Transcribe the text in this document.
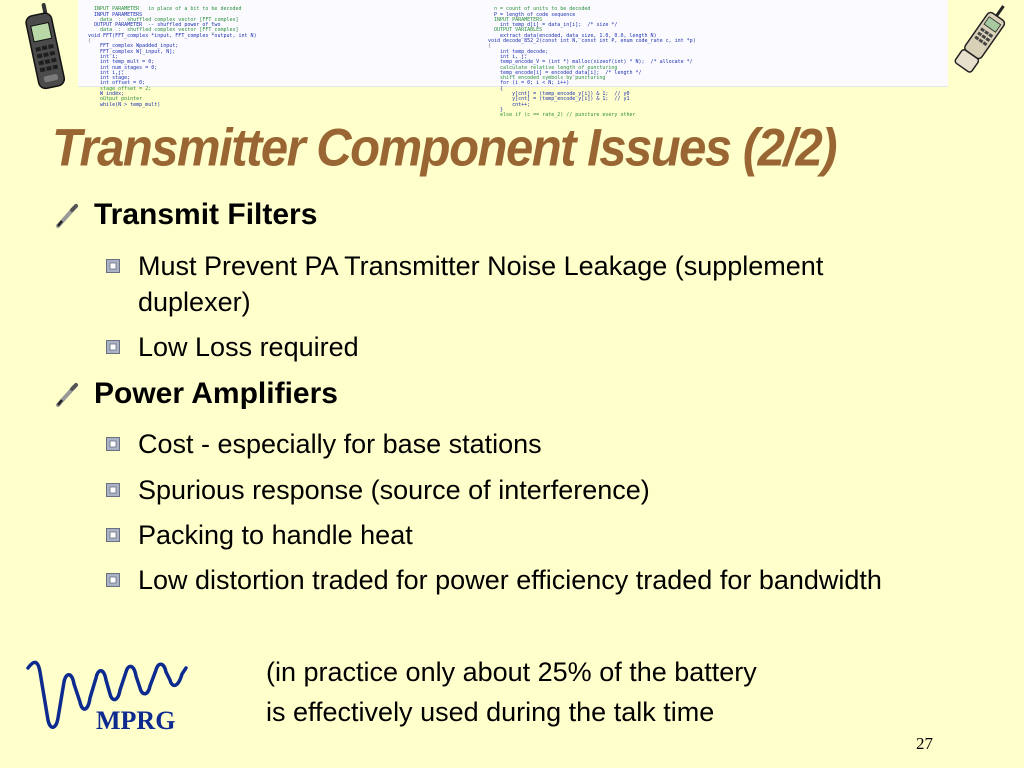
INPUT PARAMETER   in place of a bit to be decoded
INPUT PARAMETERS
data  :  shuffled complex vector [FFT_complex]
OUTPUT PARAMETER  -- shuffled power of two
data  :  shuffled complex vector [FFT_complex]
void FFT(FFT_complex *input, FFT_complex *output, int N)
{
FFT_complex Wpadded_input;
FFT_complex W[_input, N];
int i;
int temp_mult = 0;
int num_stages = 0;
int i,j;
int stage;
int offset = 0;
stage_offset = 2;
W_index;
output pointer
while(N > temp_mult)

n = count of units to be decoded
P = length of code sequence
INPUT PARAMETERS
int temp_d[i] = data_in[i];  /* size */
OUTPUT VARIABLES
extract_data(encoded, data_size, 1.0, 0.0, length N)
void decode_852_2(const int N, const int P, enum code_rate c, int *p)
{
int temp_decode;
int i, j;
temp_encode_V = (int *) malloc(sizeof(int) * N);  /* allocate */
calculate relative length of puncturing
temp_encode[i] = encoded_data[i];  /* length */
shift encoded symbols by puncturing
for (i = 0; i < N; i++)
{
y[cnt] = (temp_encode_y[i]) & 1;  // y0
y[cnt] = (temp_encode_y[i]) & 1;  // y1
cnt++;
}
else if (c == rate_2) // puncture every other

Transmitter Component Issues (2/2)
Transmit Filters
Must Prevent PA Transmitter Noise Leakage (supplement duplexer)
Low Loss required
Power Amplifiers
Cost - especially for base stations
Spurious response (source of interference)
Packing to handle heat
Low distortion traded for power efficiency traded for bandwidth
MPRG
(in practice only about 25% of the battery
is effectively used during the talk time
27
